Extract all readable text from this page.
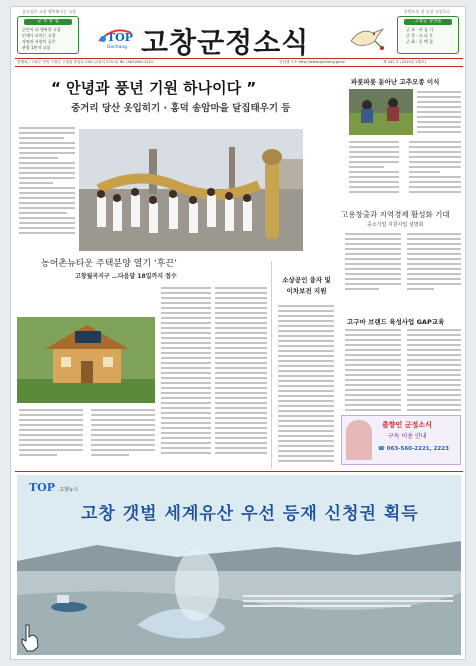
살고싶은 고창 행복해지는 고창
군 정 방 침
군민이 더 행복한 고창
인재가 모이는 고창
자연과 사람이 공존
관광 1번지 고창
TOP
Gochang 고창군정소식
한반도의 첫 고창 고창으로
고창군 상징물
군 조 · 비 둘 기
군 목 · 소 나 무
군 화 · 동 백 꽃
발행처 / 고창군 전북 고창군 고창읍 중앙로 245 (교촌리 275-3) Tel. (063)560-2221	인터넷 주소 http://www.gochang.go.kr	제 347 호 (2014년 2월호)
“ 안녕과 풍년 기원 하나이다 ”
중거리 당산 옷입히기 · 홍덕 송암마을 달집태우기 등
파룻파룻 돋아난 고추모종 이식
고용창출과 지역경제 활성화 기대
중소기업 지원사업 설명회
고구마 브랜드 육성사업 GAP교육
농어촌뉴타운 주택분양 열기 ‘후끈’
고창월곡지구 …다음달 18일까지 접수	소상공인 융자 및
이차보전 지원
출향인 군정소식
구독 이용 안내
☎ 063-560-2221, 2223
TOP 고창뉴스
고창 갯벌 세계유산 우선 등재 신청권 획득
